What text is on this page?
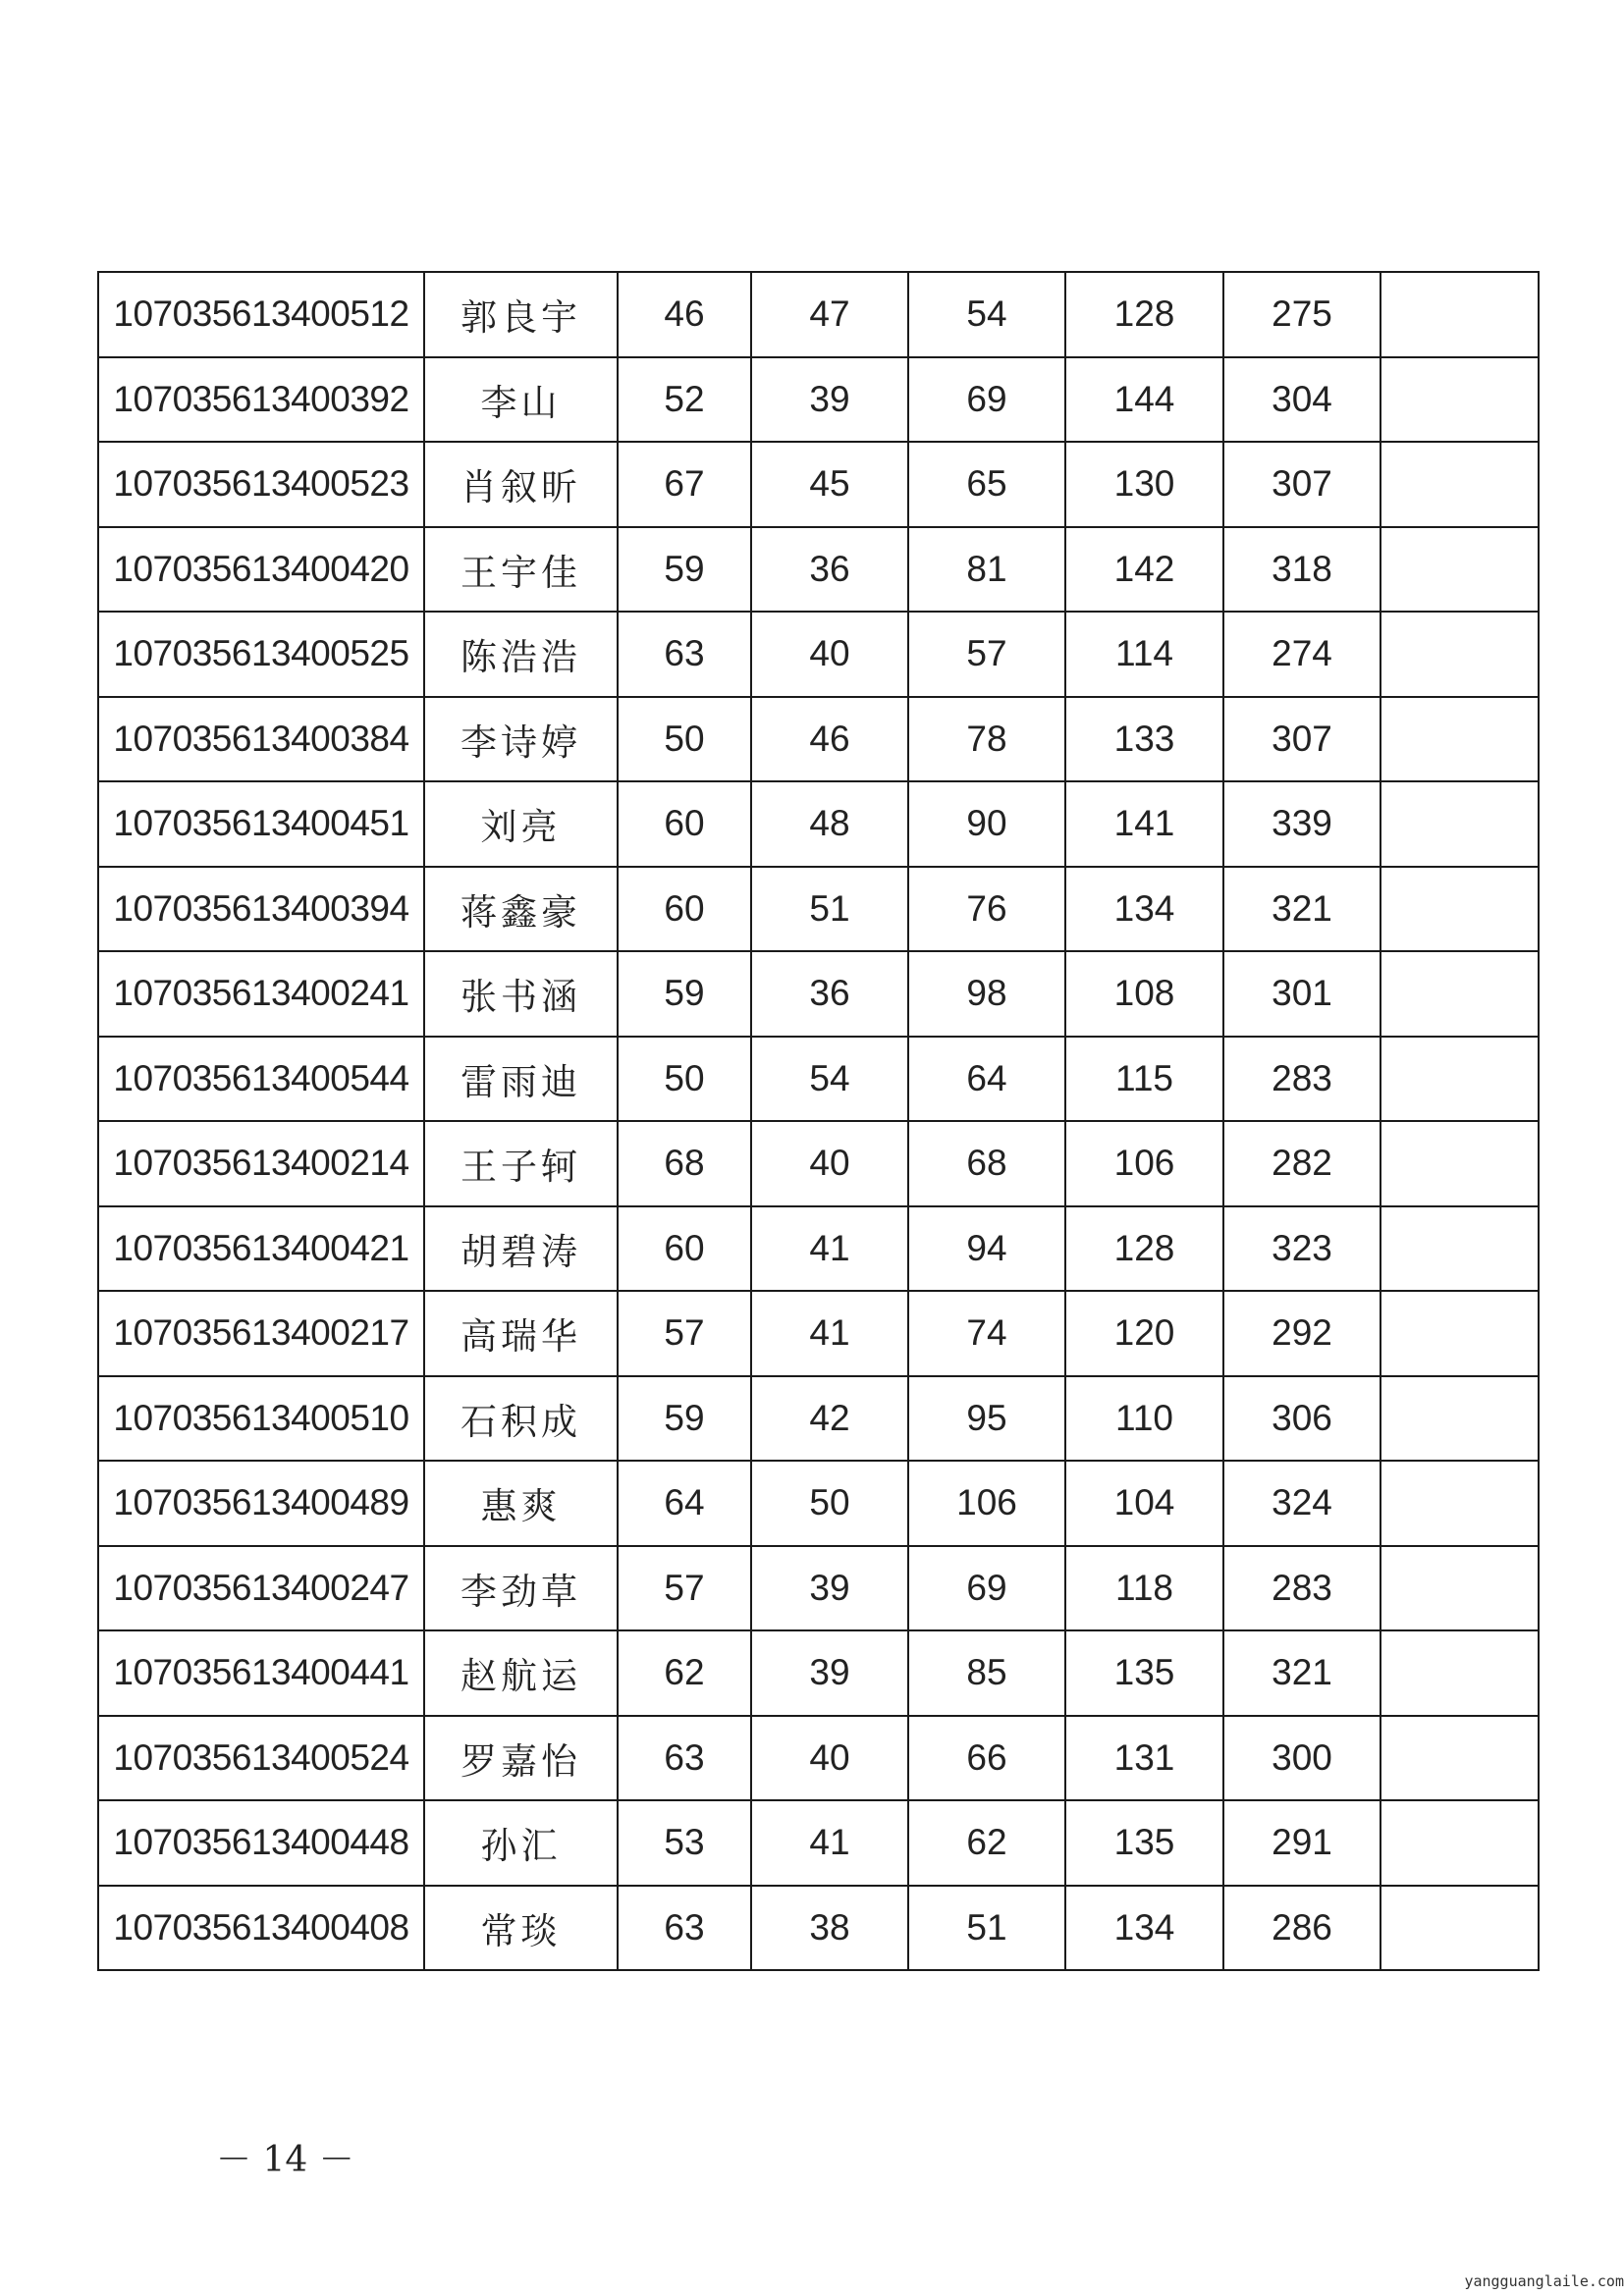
107035613400512	郭良宇	46	47	54	128	275	
107035613400392	李山	52	39	69	144	304	
107035613400523	肖叙昕	67	45	65	130	307	
107035613400420	王宇佳	59	36	81	142	318	
107035613400525	陈浩浩	63	40	57	114	274	
107035613400384	李诗婷	50	46	78	133	307	
107035613400451	刘亮	60	48	90	141	339	
107035613400394	蒋鑫豪	60	51	76	134	321	
107035613400241	张书涵	59	36	98	108	301	
107035613400544	雷雨迪	50	54	64	115	283	
107035613400214	王子轲	68	40	68	106	282	
107035613400421	胡碧涛	60	41	94	128	323	
107035613400217	高瑞华	57	41	74	120	292	
107035613400510	石积成	59	42	95	110	306	
107035613400489	惠爽	64	50	106	104	324	
107035613400247	李劲草	57	39	69	118	283	
107035613400441	赵航运	62	39	85	135	321	
107035613400524	罗嘉怡	63	40	66	131	300	
107035613400448	孙汇	53	41	62	135	291	
107035613400408	常琰	63	38	51	134	286	
－ 14 －
yangguanglaile.com
